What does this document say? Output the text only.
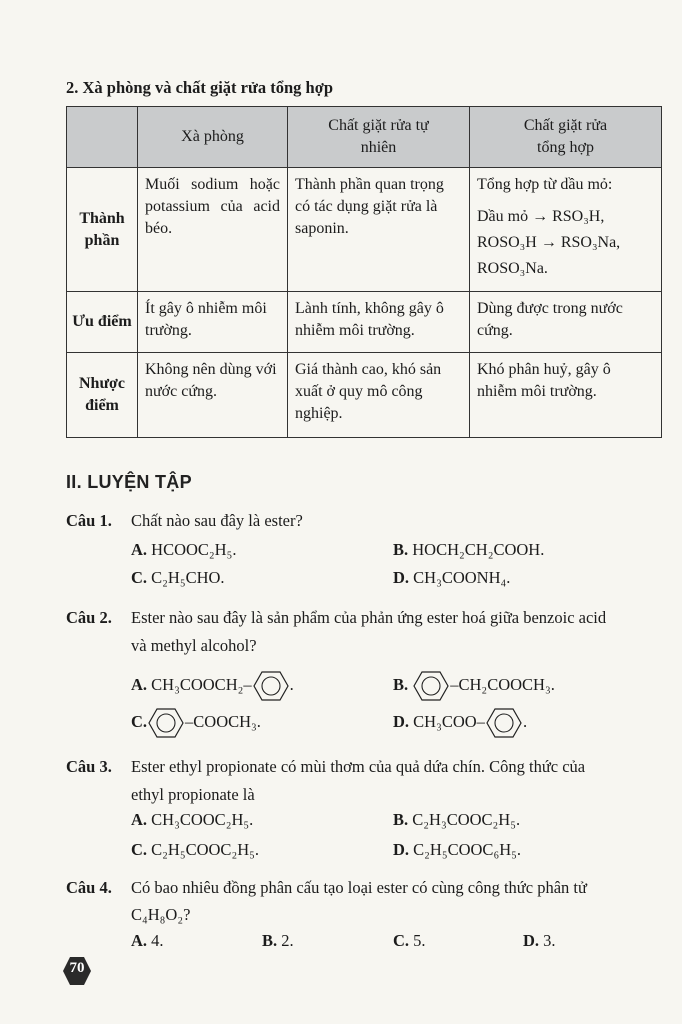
2. Xà phòng và chất giặt rửa tổng hợp
	Xà phòng	Chất giặt rửa tự nhiên	Chất giặt rửa tổng hợp

Thành phần	Muối sodium hoặc potassium của acid béo.	Thành phần quan trọng có tác dụng giặt rửa là saponin.	Tổng hợp từ dầu mỏ:
Dầu mỏ → RSO₃H, ROSO₃H → RSO₃Na, ROSO₃Na.

Ưu điểm	Ít gây ô nhiễm môi trường.	Lành tính, không gây ô nhiễm môi trường.	Dùng được trong nước cứng.
Nhược điểm	Không nên dùng với nước cứng.	Giá thành cao, khó sản xuất ở quy mô công nghiệp.	Khó phân huỷ, gây ô nhiễm môi trường.
II. LUYỆN TẬP
Câu 1. Chất nào sau đây là ester?
A. HCOOC₂H₅.	B. HOCH₂CH₂COOH.
C. C₂H₅CHO.	D. CH₃COONH₄.
Câu 2. Ester nào sau đây là sản phẩm của phản ứng ester hoá giữa benzoic acid
và methyl alcohol?
A. CH₃COOCH₂– .	B.	–CH₂COOCH₃.
C. –COOCH₃.	D. CH₃COO– .
Câu 3. Ester ethyl propionate có mùi thơm của quả dứa chín. Công thức của
ethyl propionate là
A. CH₃COOC₂H₅.	B. C₂H₃COOC₂H₅.
C. C₂H₅COOC₂H₅.	D. C₂H₅COOC₆H₅.
Câu 4. Có bao nhiêu đồng phân cấu tạo loại ester có cùng công thức phân tử
C₄H₈O₂?
A. 4.	B. 2.	C. 5.	D. 3.
70
